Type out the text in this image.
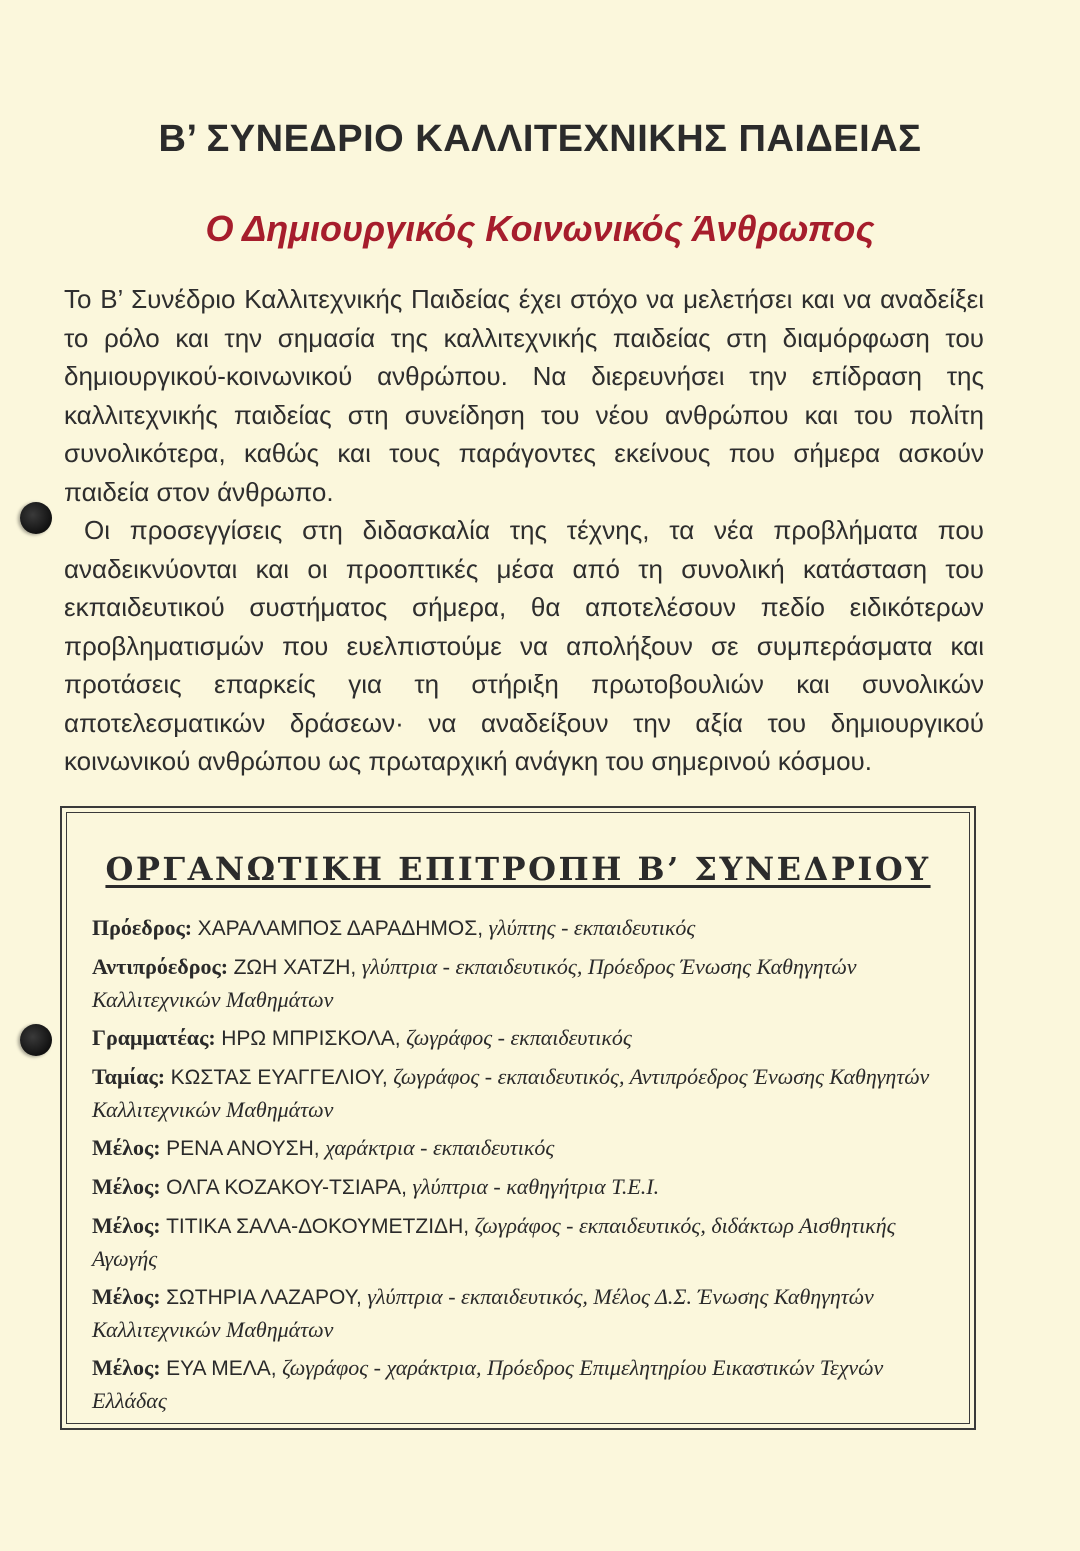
Β’ ΣΥΝΕΔΡΙΟ ΚΑΛΛΙΤΕΧΝΙΚΗΣ ΠΑΙΔΕΙΑΣ
Ο Δημιουργικός Κοινωνικός Άνθρωπος

Το Β’ Συνέδριο Καλλιτεχνικής Παιδείας έχει στόχο να μελετήσει και να αναδείξει το ρόλο και την σημασία της καλλιτεχνικής παιδείας στη διαμόρφωση του δημιουργικού-κοινωνικού ανθρώπου. Να διερευνήσει την επίδραση της καλλιτεχνικής παιδείας στη συνείδηση του νέου ανθρώπου και του πολίτη συνολικότερα, καθώς και τους παράγοντες εκείνους που σήμερα ασκούν παιδεία στον άνθρωπο.

Οι προσεγγίσεις στη διδασκαλία της τέχνης, τα νέα προβλήματα που αναδεικνύονται και οι προοπτικές μέσα από τη συνολική κατάσταση του εκπαιδευτικού συστήματος σήμερα, θα αποτελέσουν πεδίο ειδικότερων προβληματισμών που ευελπιστούμε να απολήξουν σε συμπεράσματα και προτάσεις επαρκείς για τη στήριξη πρωτοβουλιών και συνολικών αποτελεσματικών δράσεων· να αναδείξουν την αξία του δημιουργικού κοινωνικού ανθρώπου ως πρωταρχική ανάγκη του σημερινού κόσμου.

ΟΡΓΑΝΩΤΙΚΗ ΕΠΙΤΡΟΠΗ Β’ ΣΥΝΕΔΡΙΟΥ
Πρόεδρος: ΧΑΡΑΛΑΜΠΟΣ ΔΑΡΑΔΗΜΟΣ, γλύπτης - εκπαιδευτικός
Αντιπρόεδρος: ΖΩΗ ΧΑΤΖΗ, γλύπτρια - εκπαιδευτικός, Πρόεδρος Ένωσης Καθηγητών Καλλιτεχνικών Μαθημάτων
Γραμματέας: ΗΡΩ ΜΠΡΙΣΚΟΛΑ, ζωγράφος - εκπαιδευτικός
Ταμίας: ΚΩΣΤΑΣ ΕΥΑΓΓΕΛΙΟΥ, ζωγράφος - εκπαιδευτικός, Αντιπρόεδρος Ένωσης Καθηγητών Καλλιτεχνικών Μαθημάτων
Μέλος: ΡΕΝΑ ΑΝΟΥΣΗ, χαράκτρια - εκπαιδευτικός
Μέλος: ΟΛΓΑ ΚΟΖΑΚΟΥ-ΤΣΙΑΡΑ, γλύπτρια - καθηγήτρια Τ.Ε.Ι.
Μέλος: ΤΙΤΙΚΑ ΣΑΛΑ-ΔΟΚΟΥΜΕΤΖΙΔΗ, ζωγράφος - εκπαιδευτικός, διδάκτωρ Αισθητικής Αγωγής
Μέλος: ΣΩΤΗΡΙΑ ΛΑΖΑΡΟΥ, γλύπτρια - εκπαιδευτικός, Μέλος Δ.Σ. Ένωσης Καθηγητών Καλλιτεχνικών Μαθημάτων
Μέλος: ΕΥΑ ΜΕΛΑ, ζωγράφος - χαράκτρια, Πρόεδρος Επιμελητηρίου Εικαστικών Τεχνών Ελλάδας
